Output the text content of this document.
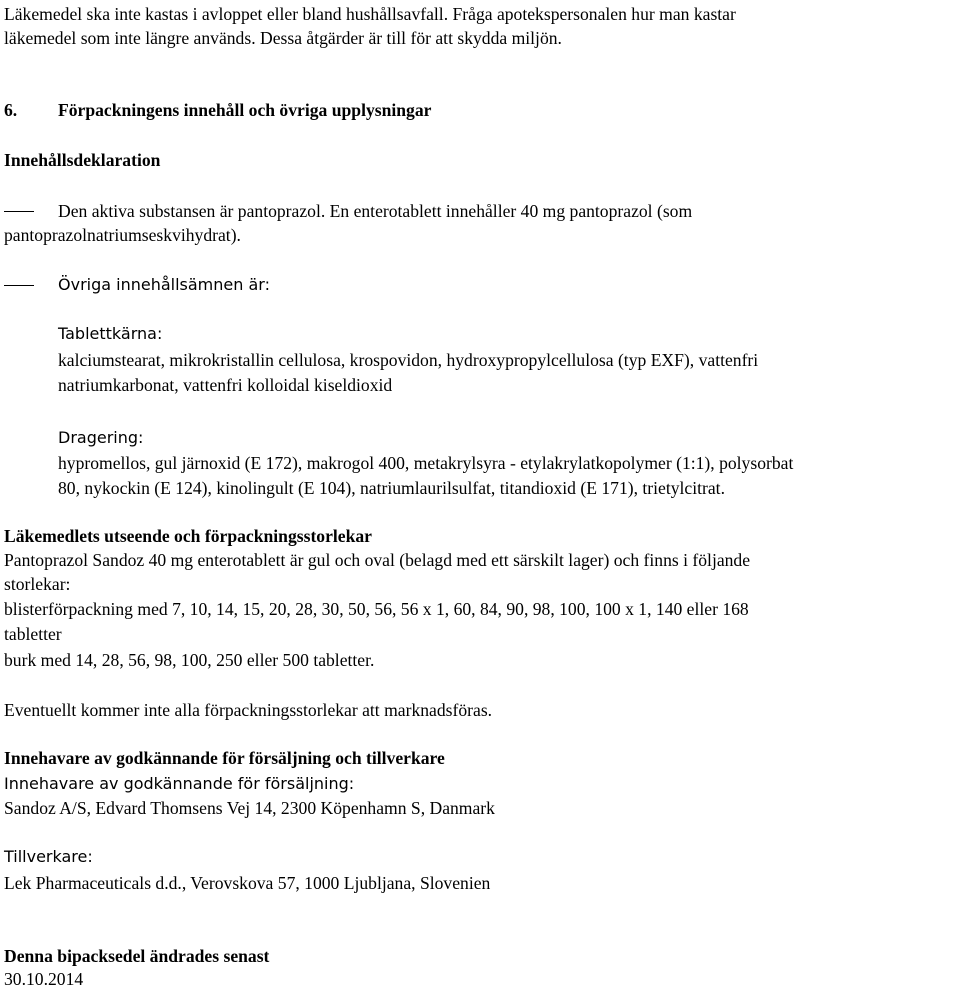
Läkemedel ska inte kastas i avloppet eller bland hushållsavfall. Fråga apotekspersonalen hur man kastar
läkemedel som inte längre används. Dessa åtgärder är till för att skydda miljön.
6. Förpackningens innehåll och övriga upplysningar
Innehållsdeklaration
Den aktiva substansen är pantoprazol. En enterotablett innehåller 40 mg pantoprazol (som
pantoprazolnatriumseskvihydrat).
Övriga innehållsämnen är:
Tablettkärna:
kalciumstearat, mikrokristallin cellulosa, krospovidon, hydroxypropylcellulosa (typ EXF), vattenfri
natriumkarbonat, vattenfri kolloidal kiseldioxid
Dragering:
hypromellos, gul järnoxid (E 172), makrogol 400, metakrylsyra - etylakrylatkopolymer (1:1), polysorbat
80, nykockin (E 124), kinolingult (E 104), natriumlaurilsulfat, titandioxid (E 171), trietylcitrat.
Läkemedlets utseende och förpackningsstorlekar
Pantoprazol Sandoz 40 mg enterotablett är gul och oval (belagd med ett särskilt lager) och finns i följande
storlekar:
blisterförpackning med 7, 10, 14, 15, 20, 28, 30, 50, 56, 56 x 1, 60, 84, 90, 98, 100, 100 x 1, 140 eller 168
tabletter
burk med 14, 28, 56, 98, 100, 250 eller 500 tabletter.
Eventuellt kommer inte alla förpackningsstorlekar att marknadsföras.
Innehavare av godkännande för försäljning och tillverkare
Innehavare av godkännande för försäljning:
Sandoz A/S, Edvard Thomsens Vej 14, 2300 Köpenhamn S, Danmark
Tillverkare:
Lek Pharmaceuticals d.d., Verovskova 57, 1000 Ljubljana, Slovenien
Denna bipacksedel ändrades senast
30.10.2014
